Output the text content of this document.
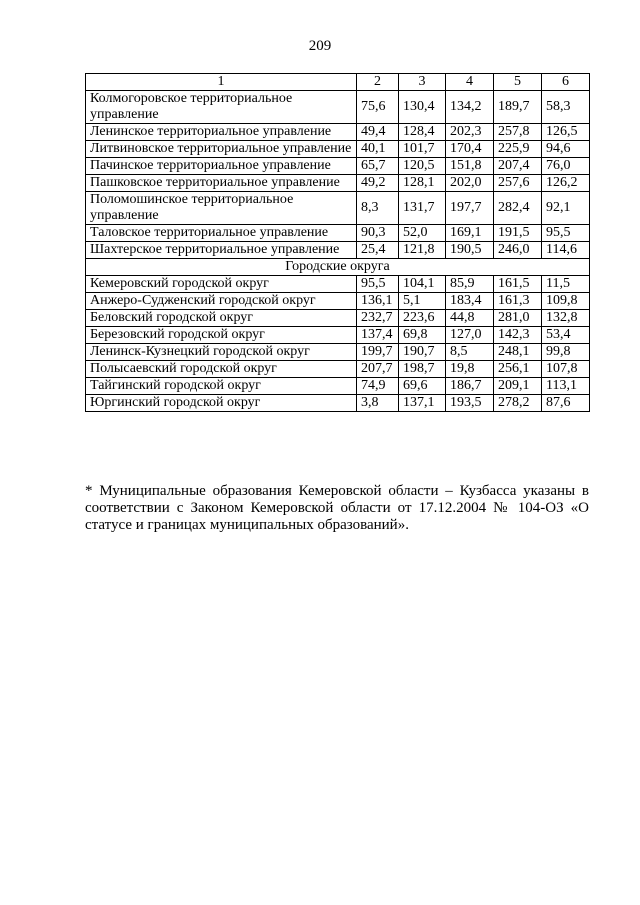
209
1	2	3	4	5	6
Колмогоровское территориальное управление	75,6	130,4	134,2	189,7	58,3
Ленинское территориальное управление	49,4	128,4	202,3	257,8	126,5
Литвиновское территориальное управление	40,1	101,7	170,4	225,9	94,6
Пачинское территориальное управление	65,7	120,5	151,8	207,4	76,0
Пашковское территориальное управление	49,2	128,1	202,0	257,6	126,2
Поломошинское территориальное управление	8,3	131,7	197,7	282,4	92,1
Таловское территориальное управление	90,3	52,0	169,1	191,5	95,5
Шахтерское территориальное управление	25,4	121,8	190,5	246,0	114,6
Городские округа					
Кемеровский городской округ	95,5	104,1	85,9	161,5	11,5
Анжеро-Судженский городской округ	136,1	5,1	183,4	161,3	109,8
Беловский городской округ	232,7	223,6	44,8	281,0	132,8
Березовский городской округ	137,4	69,8	127,0	142,3	53,4
Ленинск-Кузнецкий городской округ	199,7	190,7	8,5	248,1	99,8
Полысаевский городской округ	207,7	198,7	19,8	256,1	107,8
Тайгинский городской округ	74,9	69,6	186,7	209,1	113,1
Юргинский городской округ	3,8	137,1	193,5	278,2	87,6
* Муниципальные образования Кемеровской области – Кузбасса указаны в соответствии с Законом Кемеровской области от 17.12.2004 № 104-ОЗ «О статусе и границах муниципальных образований».
